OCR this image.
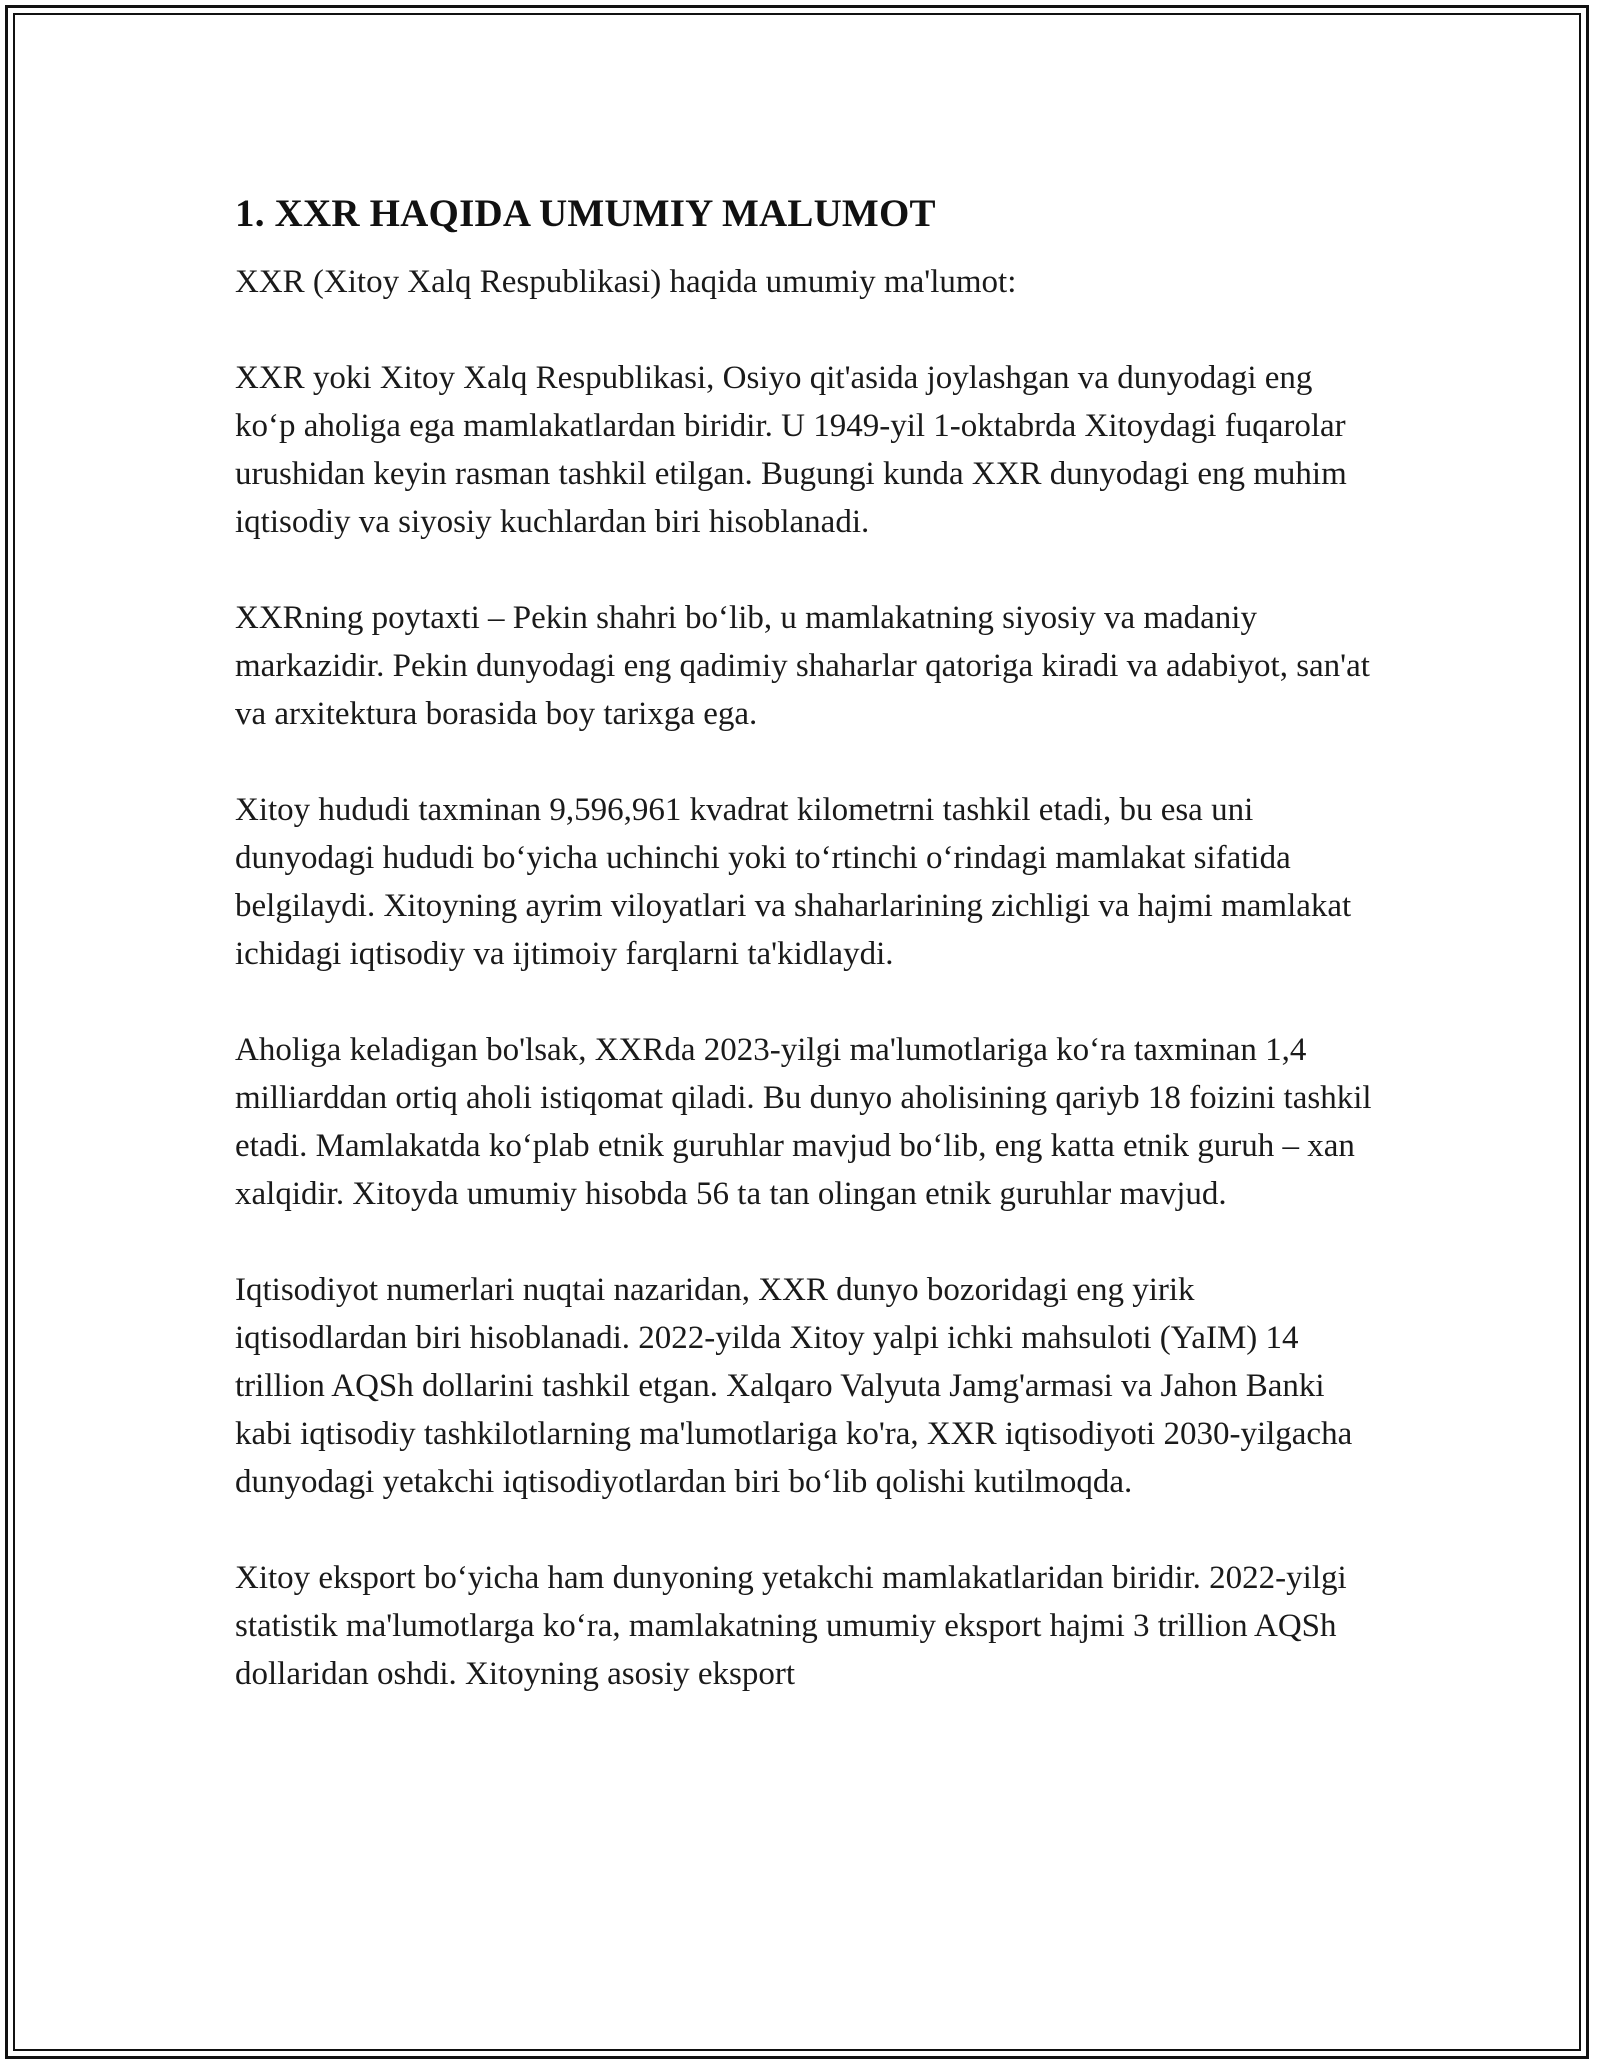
1. XXR HAQIDA UMUMIY MALUMOT

XXR (Xitoy Xalq Respublikasi) haqida umumiy ma'lumot:

XXR yoki Xitoy Xalq Respublikasi, Osiyo qit'asida joylashgan va dunyodagi eng ko‘p aholiga ega mamlakatlardan biridir. U 1949-yil 1-oktabrda Xitoydagi fuqarolar urushidan keyin rasman tashkil etilgan. Bugungi kunda XXR dunyodagi eng muhim iqtisodiy va siyosiy kuchlardan biri hisoblanadi.

XXRning poytaxti – Pekin shahri bo‘lib, u mamlakatning siyosiy va madaniy markazidir. Pekin dunyodagi eng qadimiy shaharlar qatoriga kiradi va adabiyot, san'at va arxitektura borasida boy tarixga ega.

Xitoy hududi taxminan 9,596,961 kvadrat kilometrni tashkil etadi, bu esa uni dunyodagi hududi bo‘yicha uchinchi yoki to‘rtinchi o‘rindagi mamlakat sifatida belgilaydi. Xitoyning ayrim viloyatlari va shaharlarining zichligi va hajmi mamlakat ichidagi iqtisodiy va ijtimoiy farqlarni ta'kidlaydi.

Aholiga keladigan bo'lsak, XXRda 2023-yilgi ma'lumotlariga ko‘ra taxminan 1,4 milliarddan ortiq aholi istiqomat qiladi. Bu dunyo aholisining qariyb 18 foizini tashkil etadi. Mamlakatda ko‘plab etnik guruhlar mavjud bo‘lib, eng katta etnik guruh – xan xalqidir. Xitoyda umumiy hisobda 56 ta tan olingan etnik guruhlar mavjud.

Iqtisodiyot numerlari nuqtai nazaridan, XXR dunyo bozoridagi eng yirik iqtisodlardan biri hisoblanadi. 2022-yilda Xitoy yalpi ichki mahsuloti (YaIM) 14 trillion AQSh dollarini tashkil etgan. Xalqaro Valyuta Jamg'armasi va Jahon Banki kabi iqtisodiy tashkilotlarning ma'lumotlariga ko'ra, XXR iqtisodiyoti 2030-yilgacha dunyodagi yetakchi iqtisodiyotlardan biri bo‘lib qolishi kutilmoqda.

Xitoy eksport bo‘yicha ham dunyoning yetakchi mamlakatlaridan biridir. 2022-yilgi statistik ma'lumotlarga ko‘ra, mamlakatning umumiy eksport hajmi 3 trillion AQSh dollaridan oshdi. Xitoyning asosiy eksport
